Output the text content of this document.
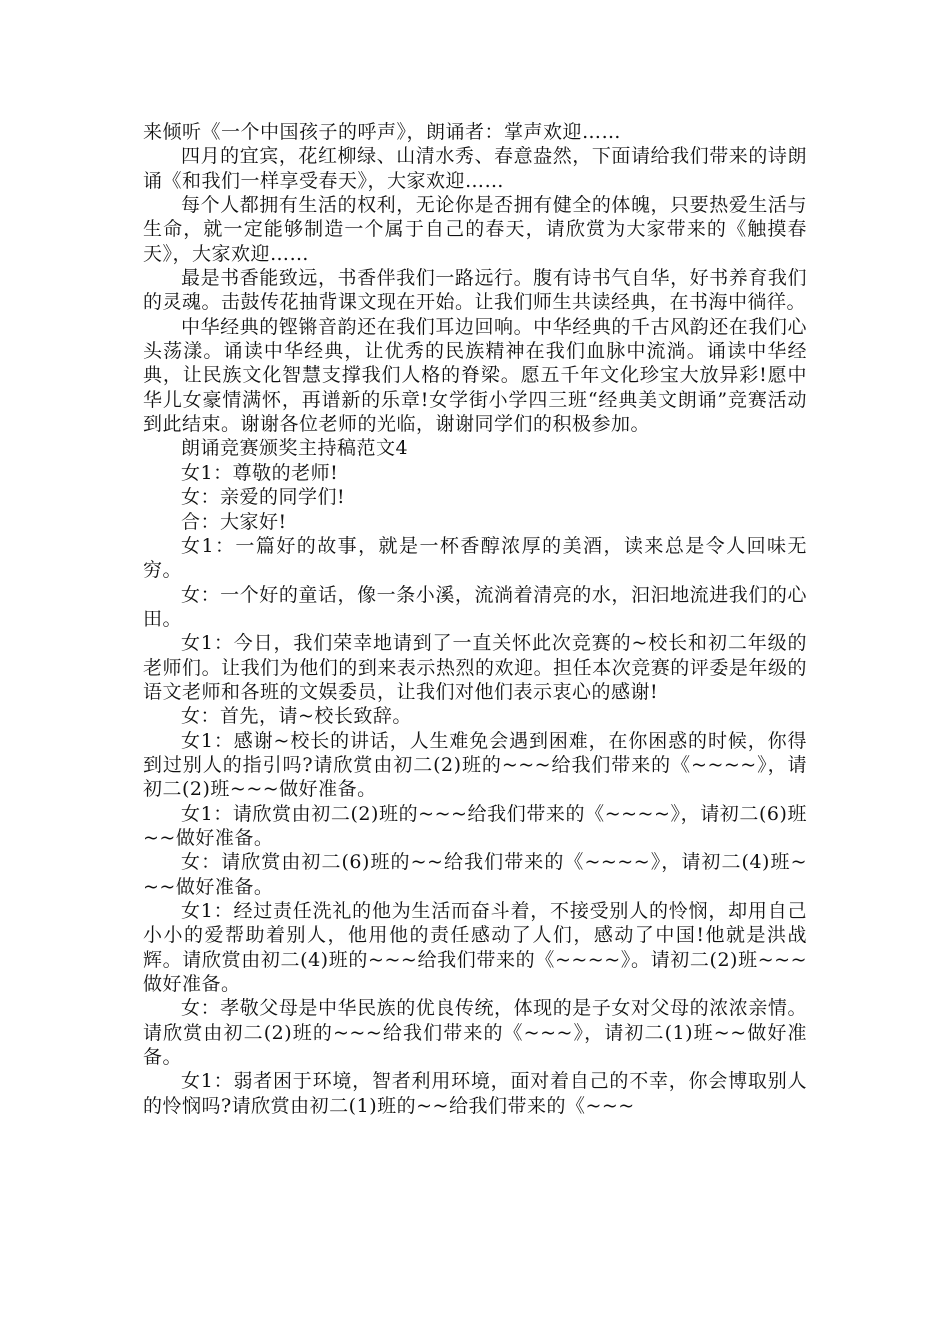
来倾听《一个中国孩子的呼声》，朗诵者：掌声欢迎……

四月的宜宾，花红柳绿、山清水秀、春意盎然，下面请给我们带来的诗朗诵《和我们一样享受春天》，大家欢迎……

每个人都拥有生活的权利，无论你是否拥有健全的体魄，只要热爱生活与生命，就一定能够制造一个属于自己的春天，请欣赏为大家带来的《触摸春天》，大家欢迎……

最是书香能致远，书香伴我们一路远行。腹有诗书气自华，好书养育我们的灵魂。击鼓传花抽背课文现在开始。让我们师生共读经典，在书海中徜徉。

中华经典的铿锵音韵还在我们耳边回响。中华经典的千古风韵还在我们心头荡漾。诵读中华经典，让优秀的民族精神在我们血脉中流淌。诵读中华经典，让民族文化智慧支撑我们人格的脊梁。愿五千年文化珍宝大放异彩!愿中华儿女豪情满怀，再谱新的乐章!女学街小学四三班“经典美文朗诵”竞赛活动到此结束。谢谢各位老师的光临，谢谢同学们的积极参加。

朗诵竞赛颁奖主持稿范文4

女1：尊敬的老师!

女：亲爱的同学们!

合：大家好!

女1：一篇好的故事，就是一杯香醇浓厚的美酒，读来总是令人回味无穷。

女：一个好的童话，像一条小溪，流淌着清亮的水，汩汩地流进我们的心田。

女1：今日，我们荣幸地请到了一直关怀此次竞赛的~校长和初二年级的老师们。让我们为他们的到来表示热烈的欢迎。担任本次竞赛的评委是年级的语文老师和各班的文娱委员，让我们对他们表示衷心的感谢!

女：首先，请~校长致辞。

女1：感谢~校长的讲话，人生难免会遇到困难，在你困惑的时候，你得到过别人的指引吗?请欣赏由初二(2)班的~~~给我们带来的《~~~~》，请初二(2)班~~~做好准备。

女1：请欣赏由初二(2)班的~~~给我们带来的《~~~~》，请初二(6)班~~做好准备。

女：请欣赏由初二(6)班的~~给我们带来的《~~~~》，请初二(4)班~~~做好准备。

女1：经过责任洗礼的他为生活而奋斗着，不接受别人的怜悯，却用自己小小的爱帮助着别人，他用他的责任感动了人们，感动了中国!他就是洪战辉。请欣赏由初二(4)班的~~~给我们带来的《~~~~》。请初二(2)班~~~做好准备。

女：孝敬父母是中华民族的优良传统，体现的是子女对父母的浓浓亲情。请欣赏由初二(2)班的~~~给我们带来的《~~~》，请初二(1)班~~做好准备。

女1：弱者困于环境，智者利用环境，面对着自己的不幸，你会博取别人的怜悯吗?请欣赏由初二(1)班的~~给我们带来的《~~~
